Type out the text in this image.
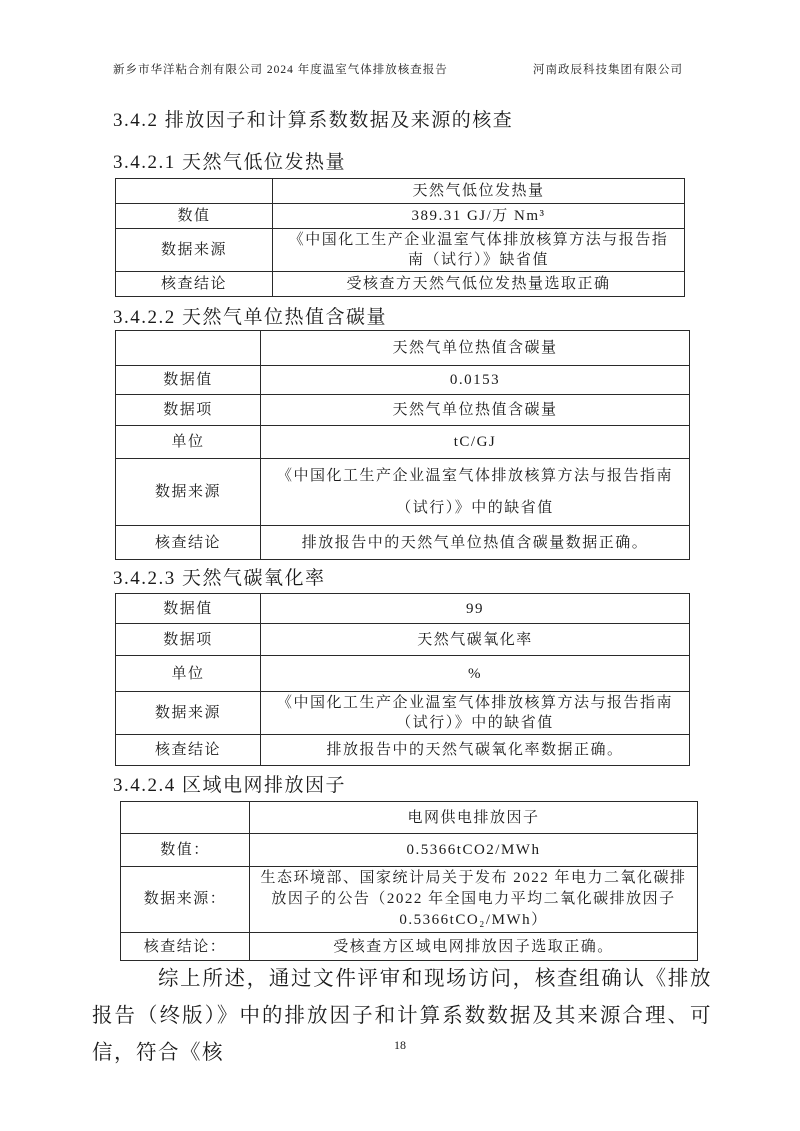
新乡市华洋粘合剂有限公司 2024 年度温室气体排放核查报告	河南政辰科技集团有限公司
3.4.2 排放因子和计算系数数据及来源的核查
3.4.2.1 天然气低位发热量
	天然气低位发热量
数值	389.31 GJ/万 Nm³
数据来源	《中国化工生产企业温室气体排放核算方法与报告指南（试行）》缺省值
核查结论	受核查方天然气低位发热量选取正确
3.4.2.2 天然气单位热值含碳量
	天然气单位热值含碳量
数据值	0.0153
数据项	天然气单位热值含碳量
单位	tC/GJ
数据来源	《中国化工生产企业温室气体排放核算方法与报告指南（试行）》中的缺省值
核查结论	排放报告中的天然气单位热值含碳量数据正确。
3.4.2.3 天然气碳氧化率
数据值	99
数据项	天然气碳氧化率
单位	%
数据来源	《中国化工生产企业温室气体排放核算方法与报告指南（试行）》中的缺省值
核查结论	排放报告中的天然气碳氧化率数据正确。
3.4.2.4 区域电网排放因子
	电网供电排放因子
数值：	0.5366tCO2/MWh
数据来源：	生态环境部、国家统计局关于发布 2022 年电力二氧化碳排放因子的公告（2022 年全国电力平均二氧化碳排放因子 0.5366tCO₂/MWh）
核查结论：	受核查方区域电网排放因子选取正确。
综上所述，通过文件评审和现场访问，核查组确认《排放报告（终版）》中的排放因子和计算系数数据及其来源合理、可信，符合《核	18
